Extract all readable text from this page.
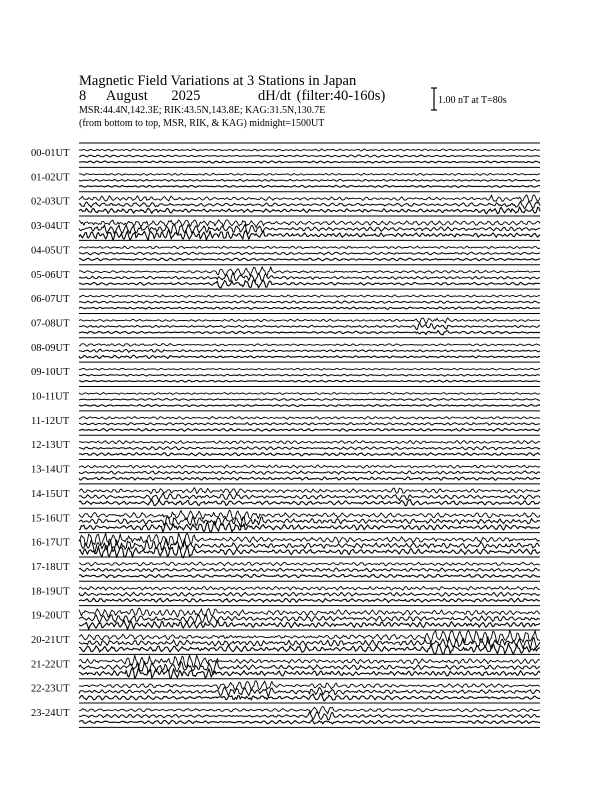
Magnetic Field Variations at 3 Stations in Japan
8 August 2025	dH/dt (filter:40-160s)
MSR:44.4N,142.3E; RIK:43.5N,143.8E; KAG:31.5N,130.7E
(from bottom to top, MSR, RIK, & KAG) midnight=1500UT
1.00 nT at T=80s
00-01UT
01-02UT
02-03UT
03-04UT
04-05UT
05-06UT
06-07UT
07-08UT
08-09UT
09-10UT
10-11UT
11-12UT
12-13UT
13-14UT
14-15UT
15-16UT
16-17UT
17-18UT
18-19UT
19-20UT
20-21UT
21-22UT
22-23UT
23-24UT
